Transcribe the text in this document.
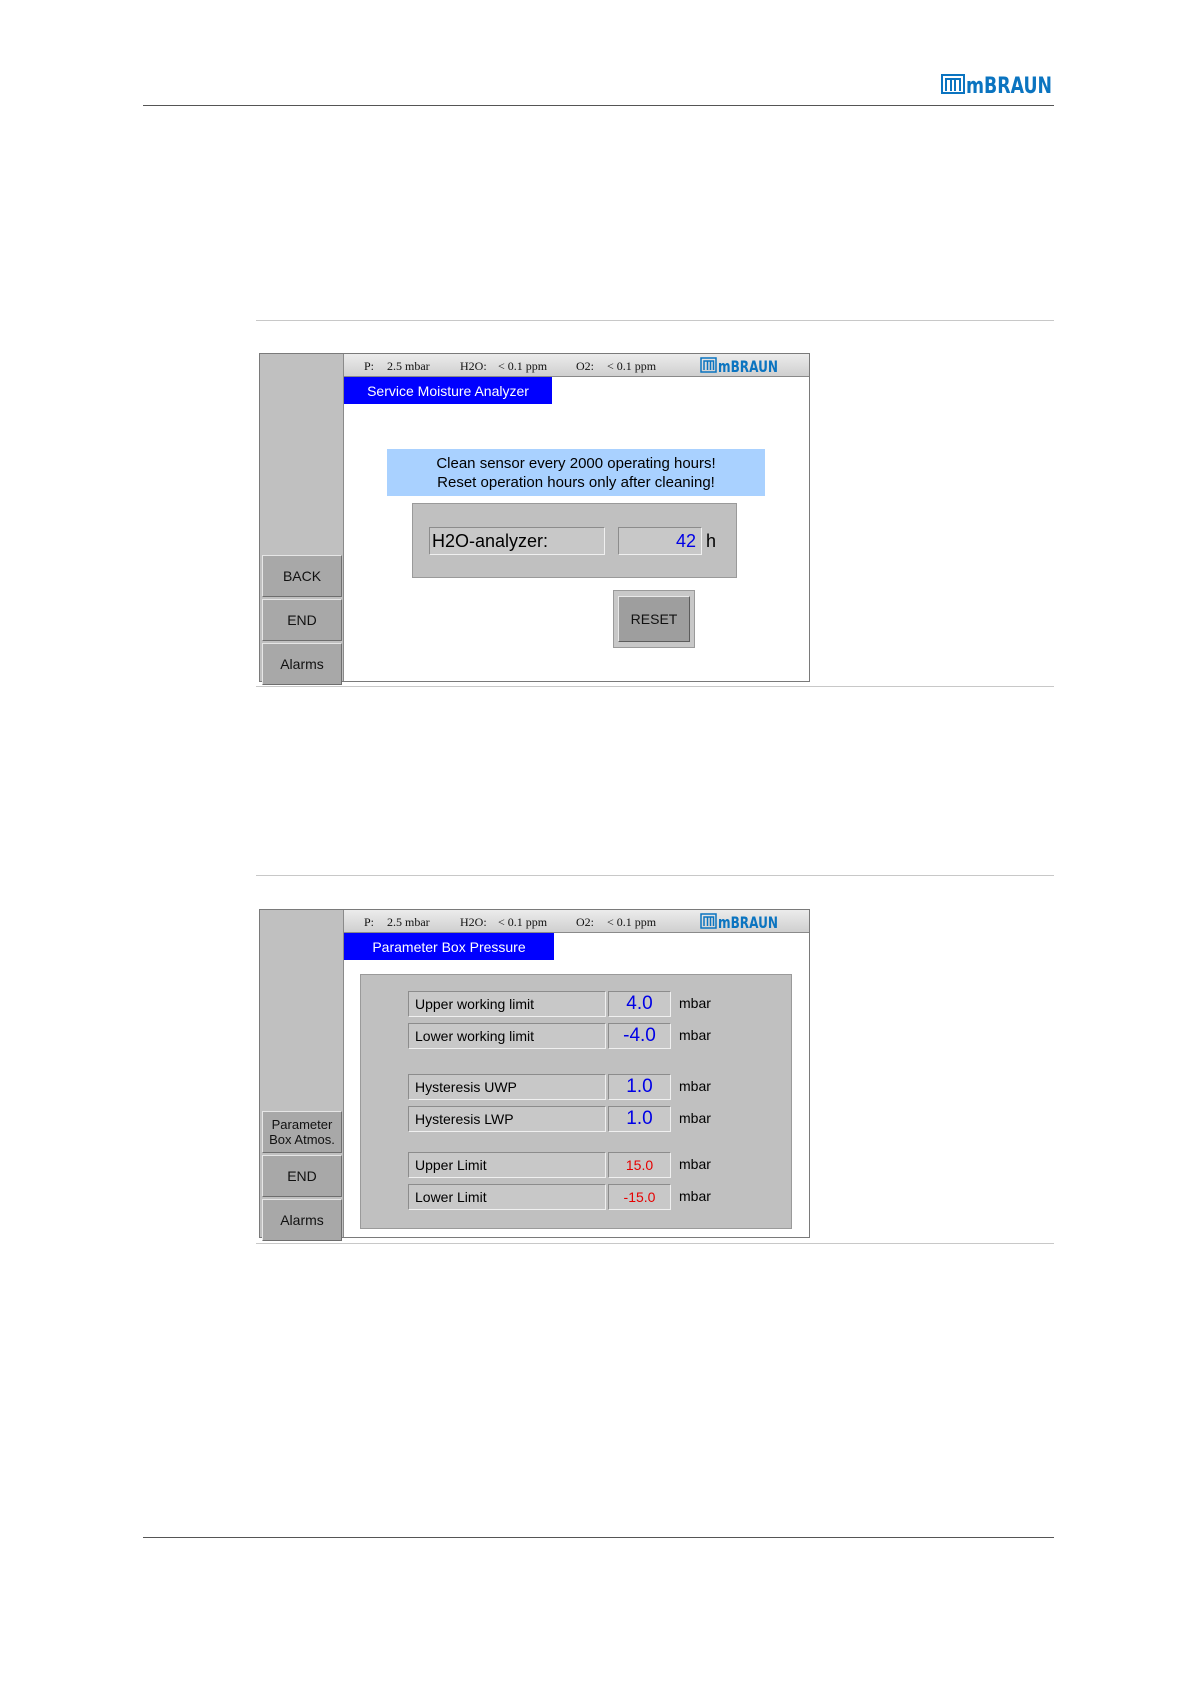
mBRAUN
BACK
END
Alarms
P: 2.5 mbar	H2O: < 0.1 ppm O2: < 0.1 ppm	mBRAUN
Service Moisture Analyzer
Clean sensor every 2000 operating hours!
Reset operation hours only after cleaning!
H2O-analyzer:	42 h
RESET
Parameter Box Atmos.
END
Alarms
P: 2.5 mbar	H2O: < 0.1 ppm O2: < 0.1 ppm	mBRAUN
Parameter Box Pressure
Upper working limit	4.0	mbar
Lower working limit	-4.0	mbar
Hysteresis UWP	1.0	mbar
Hysteresis LWP	1.0	mbar
Upper Limit	15.0	mbar
Lower Limit	-15.0	mbar
